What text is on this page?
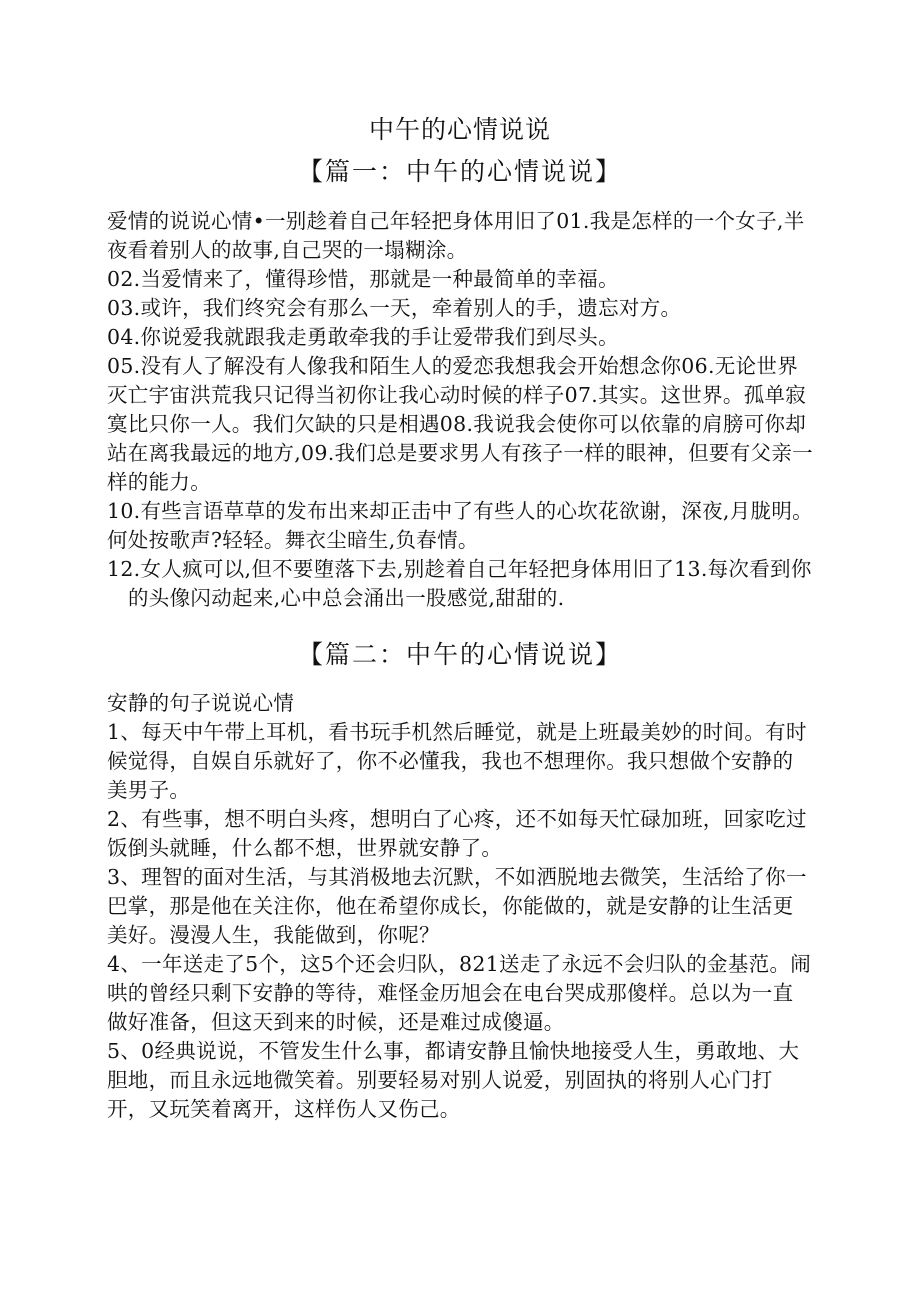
中午的心情说说
【篇一：中午的心情说说】

爱情的说说心情•一别趁着自己年轻把身体用旧了01.我是怎样的一个女子,半夜看着别人的故事,自己哭的一塌糊涂。

02.当爱情来了，懂得珍惜，那就是一种最简单的幸福。

03.或许，我们终究会有那么一天，牵着别人的手，遗忘对方。

04.你说爱我就跟我走勇敢牵我的手让爱带我们到尽头。

05.没有人了解没有人像我和陌生人的爱恋我想我会开始想念你06.无论世界灭亡宇宙洪荒我只记得当初你让我心动时候的样子07.其实。这世界。孤单寂寞比只你一人。我们欠缺的只是相遇08.我说我会使你可以依靠的肩膀可你却站在离我最远的地方,09.我们总是要求男人有孩子一样的眼神，但要有父亲一样的能力。

10.有些言语草草的发布出来却正击中了有些人的心坎花欲谢，深夜,月胧明。何处按歌声?轻轻。舞衣尘暗生,负春情。

12.女人疯可以,但不要堕落下去,别趁着自己年轻把身体用旧了13.每次看到你的头像闪动起来,心中总会涌出一股感觉,甜甜的.

【篇二：中午的心情说说】

安静的句子说说心情

1、每天中午带上耳机，看书玩手机然后睡觉，就是上班最美妙的时间。有时候觉得，自娱自乐就好了，你不必懂我，我也不想理你。我只想做个安静的美男子。

2、有些事，想不明白头疼，想明白了心疼，还不如每天忙碌加班，回家吃过饭倒头就睡，什么都不想，世界就安静了。

3、理智的面对生活，与其消极地去沉默，不如洒脱地去微笑，生活给了你一巴掌，那是他在关注你，他在希望你成长，你能做的，就是安静的让生活更美好。漫漫人生，我能做到，你呢？

4、一年送走了5个，这5个还会归队，821送走了永远不会归队的金基范。闹哄的曾经只剩下安静的等待，难怪金历旭会在电台哭成那傻样。总以为一直做好准备，但这天到来的时候，还是难过成傻逼。

5、0经典说说，不管发生什么事，都请安静且愉快地接受人生，勇敢地、大胆地，而且永远地微笑着。别要轻易对别人说爱，别固执的将别人心门打开，又玩笑着离开，这样伤人又伤己。
